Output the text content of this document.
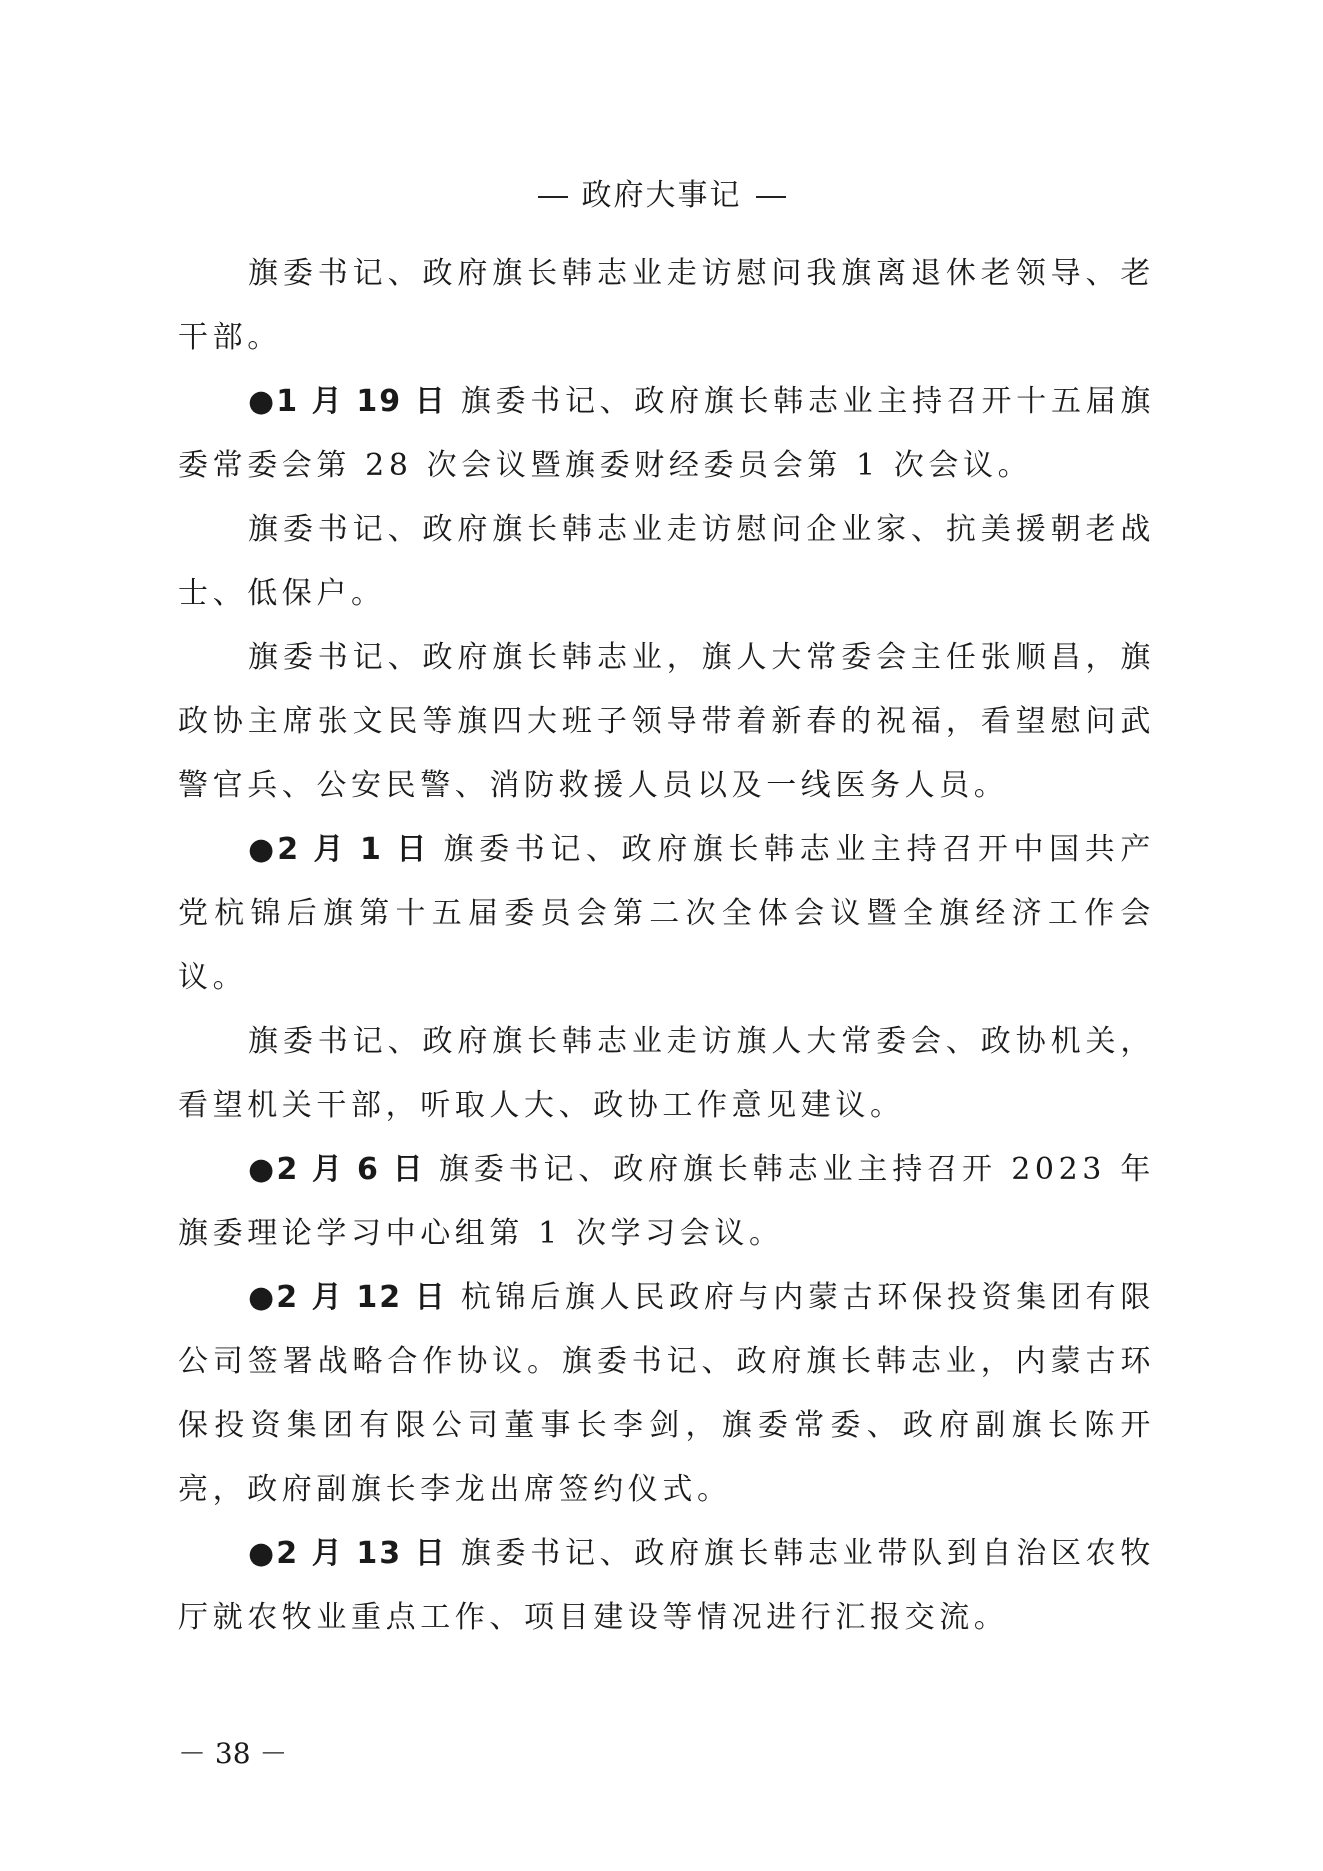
政府大事记

旗委书记、政府旗长韩志业走访慰问我旗离退休老领导、老干部。

●1 月 19 日 旗委书记、政府旗长韩志业主持召开十五届旗委常委会第 28 次会议暨旗委财经委员会第 1 次会议。

旗委书记、政府旗长韩志业走访慰问企业家、抗美援朝老战士、低保户。

旗委书记、政府旗长韩志业，旗人大常委会主任张顺昌，旗政协主席张文民等旗四大班子领导带着新春的祝福，看望慰问武警官兵、公安民警、消防救援人员以及一线医务人员。

●2 月 1 日 旗委书记、政府旗长韩志业主持召开中国共产党杭锦后旗第十五届委员会第二次全体会议暨全旗经济工作会议。

旗委书记、政府旗长韩志业走访旗人大常委会、政协机关，看望机关干部，听取人大、政协工作意见建议。

●2 月 6 日 旗委书记、政府旗长韩志业主持召开 2023 年旗委理论学习中心组第 1 次学习会议。

●2 月 12 日 杭锦后旗人民政府与内蒙古环保投资集团有限公司签署战略合作协议。旗委书记、政府旗长韩志业，内蒙古环保投资集团有限公司董事长李剑，旗委常委、政府副旗长陈开亮，政府副旗长李龙出席签约仪式。

●2 月 13 日 旗委书记、政府旗长韩志业带队到自治区农牧厅就农牧业重点工作、项目建设等情况进行汇报交流。

－ 38 －
